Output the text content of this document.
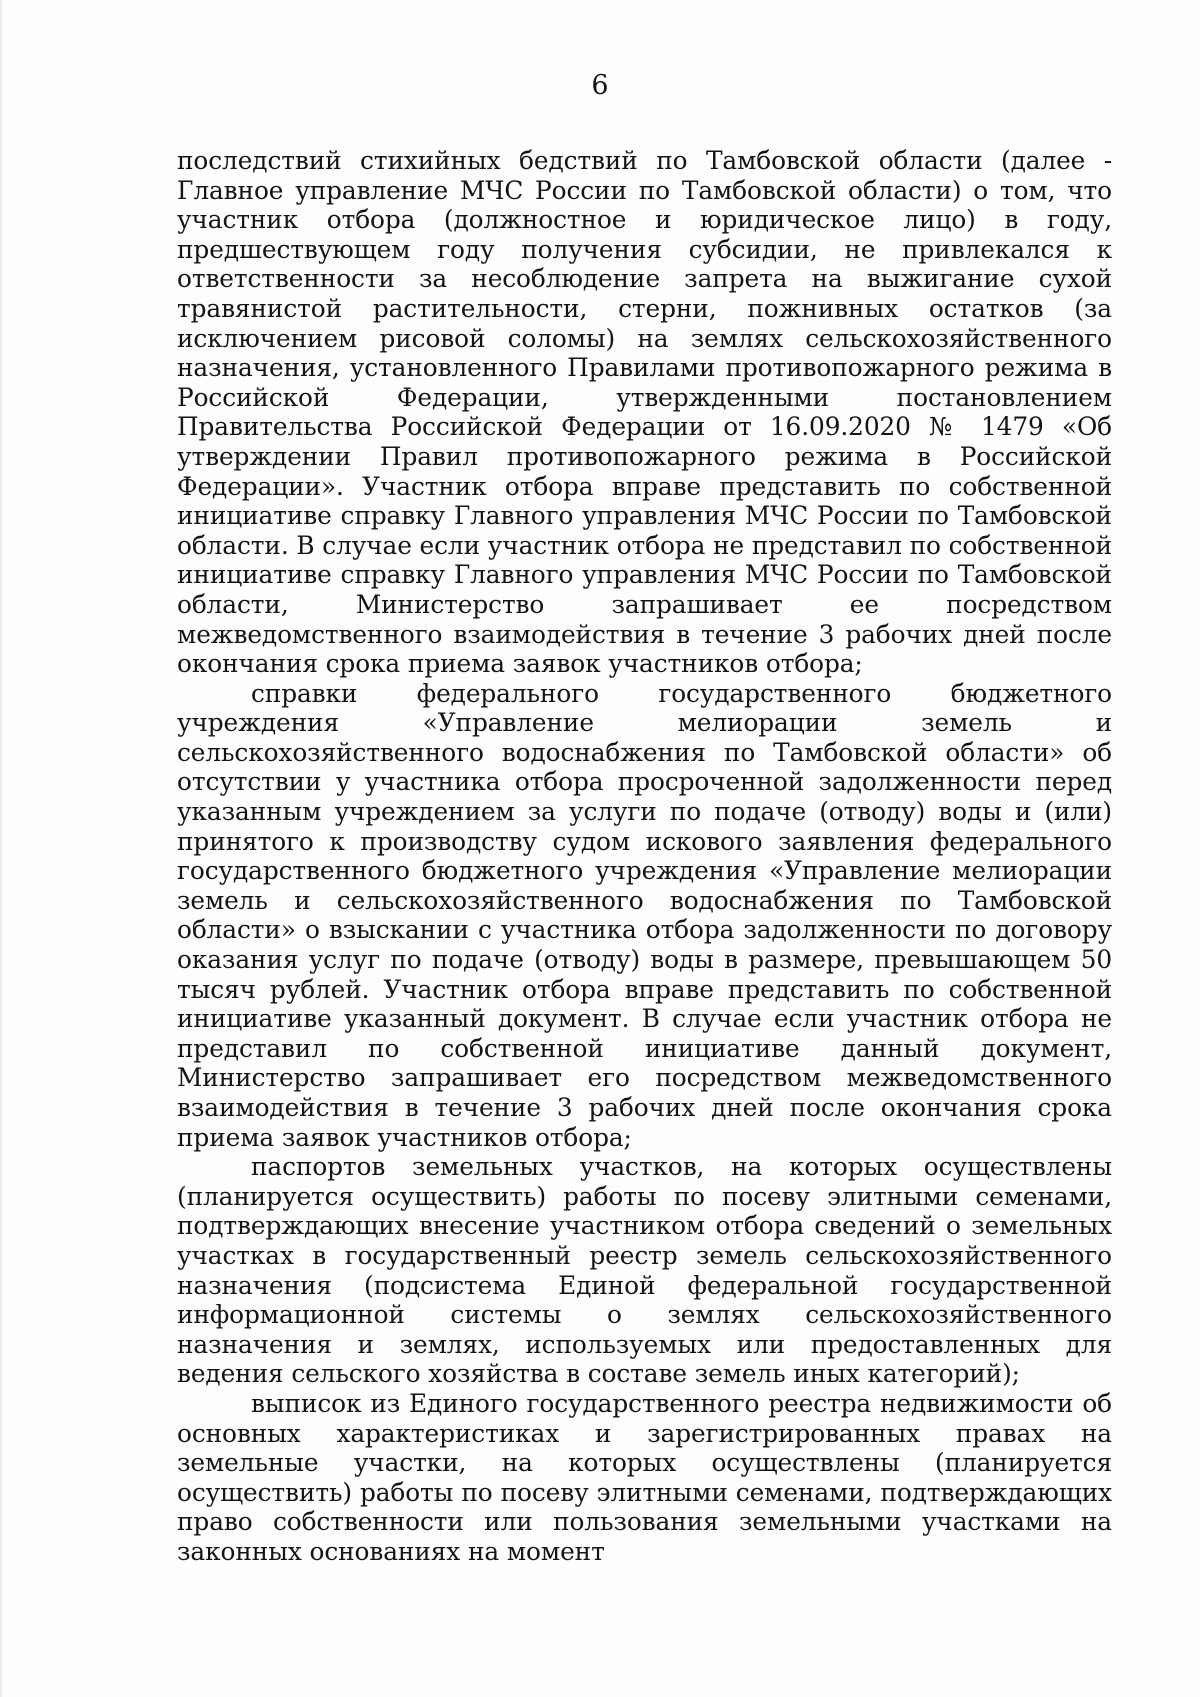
6

последствий стихийных бедствий по Тамбовской области (далее - Главное управление МЧС России по Тамбовской области) о том, что участник отбора (должностное и юридическое лицо) в году, предшествующем году получения субсидии, не привлекался к ответственности за несоблюдение запрета на выжигание сухой травянистой растительности, стерни, пожнивных остатков (за исключением рисовой соломы) на землях сельскохозяйственного назначения, установленного Правилами противопожарного режима в Российской Федерации, утвержденными постановлением Правительства Российской Федерации от 16.09.2020 № 1479 «Об утверждении Правил противопожарного режима в Российской Федерации». Участник отбора вправе представить по собственной инициативе справку Главного управления МЧС России по Тамбовской области. В случае если участник отбора не представил по собственной инициативе справку Главного управления МЧС России по Тамбовской области, Министерство запрашивает ее посредством межведомственного взаимодействия в течение 3 рабочих дней после окончания срока приема заявок участников отбора;

справки федерального государственного бюджетного учреждения «Управление мелиорации земель и сельскохозяйственного водоснабжения по Тамбовской области» об отсутствии у участника отбора просроченной задолженности перед указанным учреждением за услуги по подаче (отводу) воды и (или) принятого к производству судом искового заявления федерального государственного бюджетного учреждения «Управление мелиорации земель и сельскохозяйственного водоснабжения по Тамбовской области» о взыскании с участника отбора задолженности по договору оказания услуг по подаче (отводу) воды в размере, превышающем 50 тысяч рублей. Участник отбора вправе представить по собственной инициативе указанный документ. В случае если участник отбора не представил по собственной инициативе данный документ, Министерство запрашивает его посредством межведомственного взаимодействия в течение 3 рабочих дней после окончания срока приема заявок участников отбора;

паспортов земельных участков, на которых осуществлены (планируется осуществить) работы по посеву элитными семенами, подтверждающих внесение участником отбора сведений о земельных участках в государственный реестр земель сельскохозяйственного назначения (подсистема Единой федеральной государственной информационной системы о землях сельскохозяйственного назначения и землях, используемых или предоставленных для ведения сельского хозяйства в составе земель иных категорий);

выписок из Единого государственного реестра недвижимости об основных характеристиках и зарегистрированных правах на земельные участки, на которых осуществлены (планируется осуществить) работы по посеву элитными семенами, подтверждающих право собственности или пользования земельными участками на законных основаниях на момент
